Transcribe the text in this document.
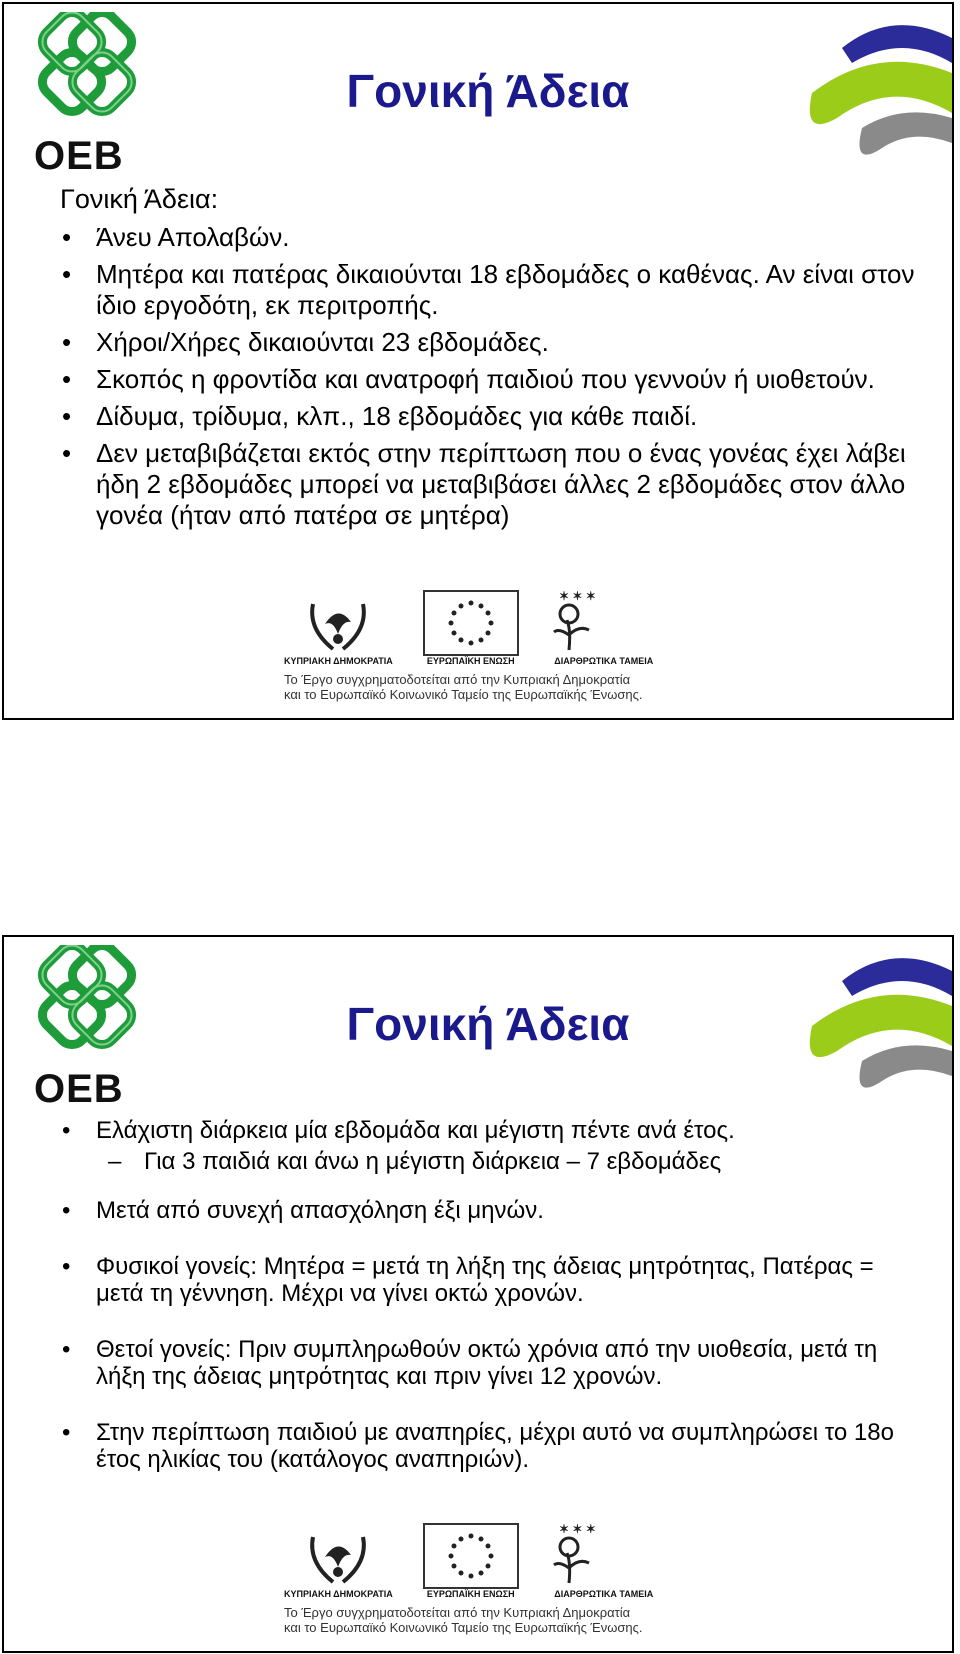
OEB
Γονική Άδεια
Γονική Άδεια:
• Άνευ Απολαβών.
• Μητέρα και πατέρας δικαιούνται 18 εβδομάδες ο καθένας. Αν είναι στον ίδιο εργοδότη, εκ περιτροπής.
• Χήροι/Χήρες δικαιούνται 23 εβδομάδες.
• Σκοπός η φροντίδα και ανατροφή παιδιού που γεννούν ή υιοθετούν.
• Δίδυμα, τρίδυμα, κλπ., 18 εβδομάδες για κάθε παιδί.
• Δεν μεταβιβάζεται εκτός στην περίπτωση που ο ένας γονέας έχει λάβει ήδη 2 εβδομάδες μπορεί να μεταβιβάσει άλλες 2 εβδομάδες στον άλλο γονέα (ήταν από πατέρα σε μητέρα)
ΚΥΠΡΙΑΚΗ ΔΗΜΟΚΡΑΤΙΑ	ΕΥΡΩΠΑΪΚΗ ΕΝΩΣΗ
✶ ✶ ✶
ΔΙΑΡΘΡΩΤΙΚΑ ΤΑΜΕΙΑ
Το Έργο συγχρηματοδοτείται από την Κυπριακή Δημοκρατία
και το Ευρωπαϊκό Κοινωνικό Ταμείο της Ευρωπαϊκής Ένωσης.
OEB
Γονική Άδεια
• Ελάχιστη διάρκεια μία εβδομάδα και μέγιστη πέντε ανά έτος.
– Για 3 παιδιά και άνω η μέγιστη διάρκεια – 7 εβδομάδες
• Μετά από συνεχή απασχόληση έξι μηνών.
• Φυσικοί γονείς: Μητέρα = μετά τη λήξη της άδειας μητρότητας, Πατέρας = μετά τη γέννηση. Μέχρι να γίνει οκτώ χρονών.
• Θετοί γονείς: Πριν συμπληρωθούν οκτώ χρόνια από την υιοθεσία, μετά τη λήξη της άδειας μητρότητας και πριν γίνει 12 χρονών.
• Στην περίπτωση παιδιού με αναπηρίες, μέχρι αυτό να συμπληρώσει το 18ο έτος ηλικίας του (κατάλογος αναπηριών).
ΚΥΠΡΙΑΚΗ ΔΗΜΟΚΡΑΤΙΑ	ΕΥΡΩΠΑΪΚΗ ΕΝΩΣΗ
✶ ✶ ✶
ΔΙΑΡΘΡΩΤΙΚΑ ΤΑΜΕΙΑ
Το Έργο συγχρηματοδοτείται από την Κυπριακή Δημοκρατία
και το Ευρωπαϊκό Κοινωνικό Ταμείο της Ευρωπαϊκής Ένωσης.
